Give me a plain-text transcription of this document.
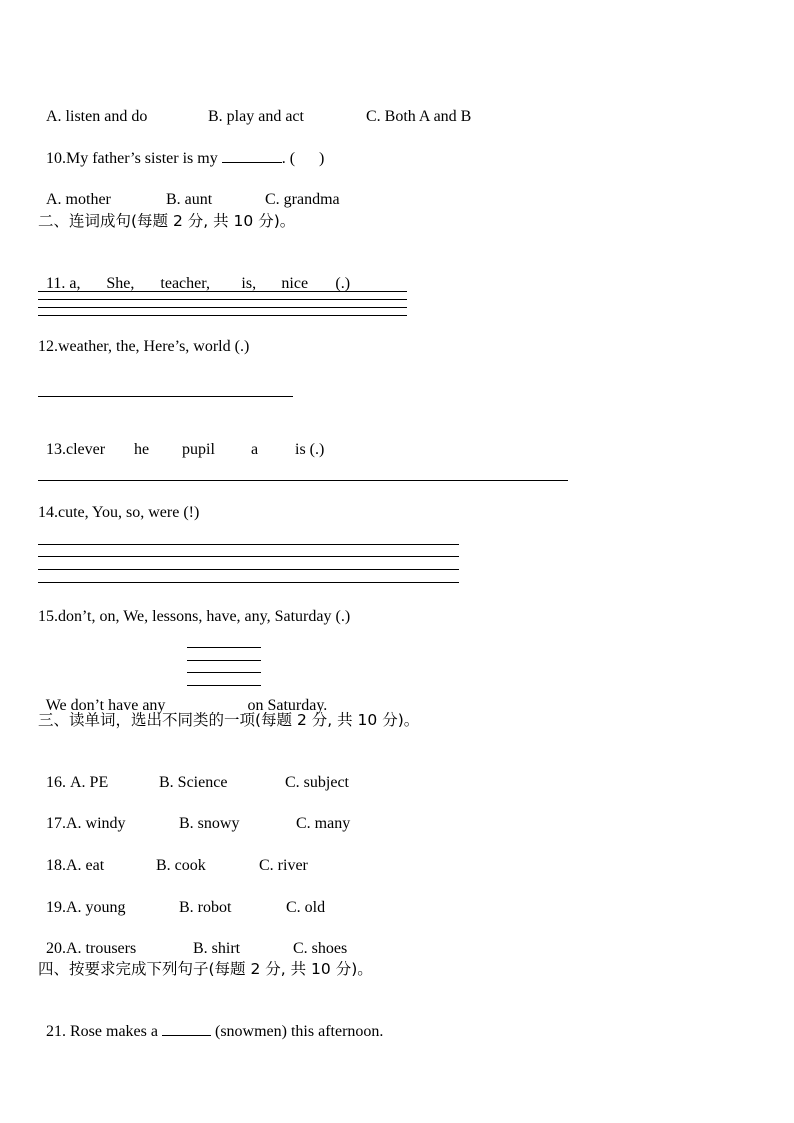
A. listen and do	B. play and act	C. Both A and B

10.My father’s sister is my	. (      )

A. mother	B. aunt	C. grandma

二、连词成句(每题 2 分, 共 10 分)。

11. a, She, teacher, is, nice (.)

12.weather, the, Here’s, world (.)

13.clever he pupil a is (.)

14.cute, You, so, were (!)
15.don’t, on, We, lessons, have, any, Saturday (.)

We don’t have any	on Saturday.

三、读单词，选出不同类的一项(每题 2 分, 共 10 分)。

16. A. PE	B. Science	C. subject

17.A. windy	B. snowy	C. many

18.A. eat	B. cook	C. river

19.A. young	B. robot	C. old

20.A. trousers	B. shirt	C. shoes

四、按要求完成下列句子(每题 2 分, 共 10 分)。

21. Rose makes a	(snowmen) this afternoon.
